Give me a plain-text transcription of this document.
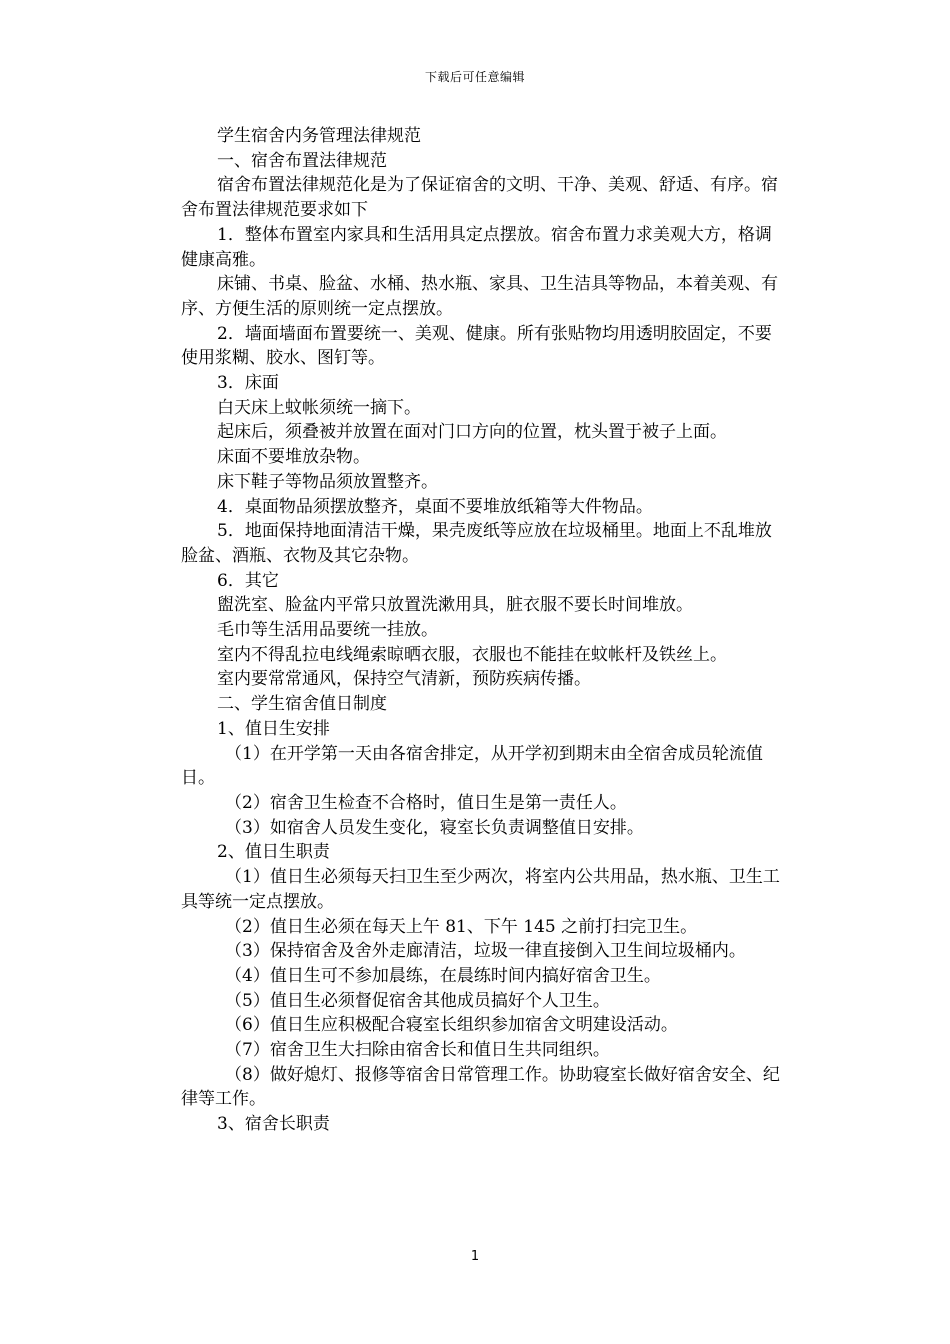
下载后可任意编辑

学生宿舍内务管理法律规范

一、宿舍布置法律规范

宿舍布置法律规范化是为了保证宿舍的文明、干净、美观、舒适、有序。宿舍布置法律规范要求如下

1．整体布置室内家具和生活用具定点摆放。宿舍布置力求美观大方，格调健康高雅。

床铺、书桌、脸盆、水桶、热水瓶、家具、卫生洁具等物品，本着美观、有序、方便生活的原则统一定点摆放。

2．墙面墙面布置要统一、美观、健康。所有张贴物均用透明胶固定，不要使用浆糊、胶水、图钉等。

3．床面

白天床上蚊帐须统一摘下。

起床后，须叠被并放置在面对门口方向的位置，枕头置于被子上面。

床面不要堆放杂物。

床下鞋子等物品须放置整齐。

4．桌面物品须摆放整齐，桌面不要堆放纸箱等大件物品。

5．地面保持地面清洁干燥，果壳废纸等应放在垃圾桶里。地面上不乱堆放脸盆、酒瓶、衣物及其它杂物。

6．其它

盥洗室、脸盆内平常只放置洗漱用具，脏衣服不要长时间堆放。

毛巾等生活用品要统一挂放。

室内不得乱拉电线绳索晾晒衣服，衣服也不能挂在蚊帐杆及铁丝上。

室内要常常通风，保持空气清新，预防疾病传播。

二、学生宿舍值日制度

1、值日生安排

（1）在开学第一天由各宿舍排定，从开学初到期末由全宿舍成员轮流值日。

（2）宿舍卫生检查不合格时，值日生是第一责任人。

（3）如宿舍人员发生变化，寝室长负责调整值日安排。

2、值日生职责

（1）值日生必须每天扫卫生至少两次，将室内公共用品，热水瓶、卫生工具等统一定点摆放。

（2）值日生必须在每天上午 81、下午 145 之前打扫完卫生。

（3）保持宿舍及舍外走廊清洁，垃圾一律直接倒入卫生间垃圾桶内。

（4）值日生可不参加晨练，在晨练时间内搞好宿舍卫生。

（5）值日生必须督促宿舍其他成员搞好个人卫生。

（6）值日生应积极配合寝室长组织参加宿舍文明建设活动。

（7）宿舍卫生大扫除由宿舍长和值日生共同组织。

（8）做好熄灯、报修等宿舍日常管理工作。协助寝室长做好宿舍安全、纪律等工作。

3、宿舍长职责

1
